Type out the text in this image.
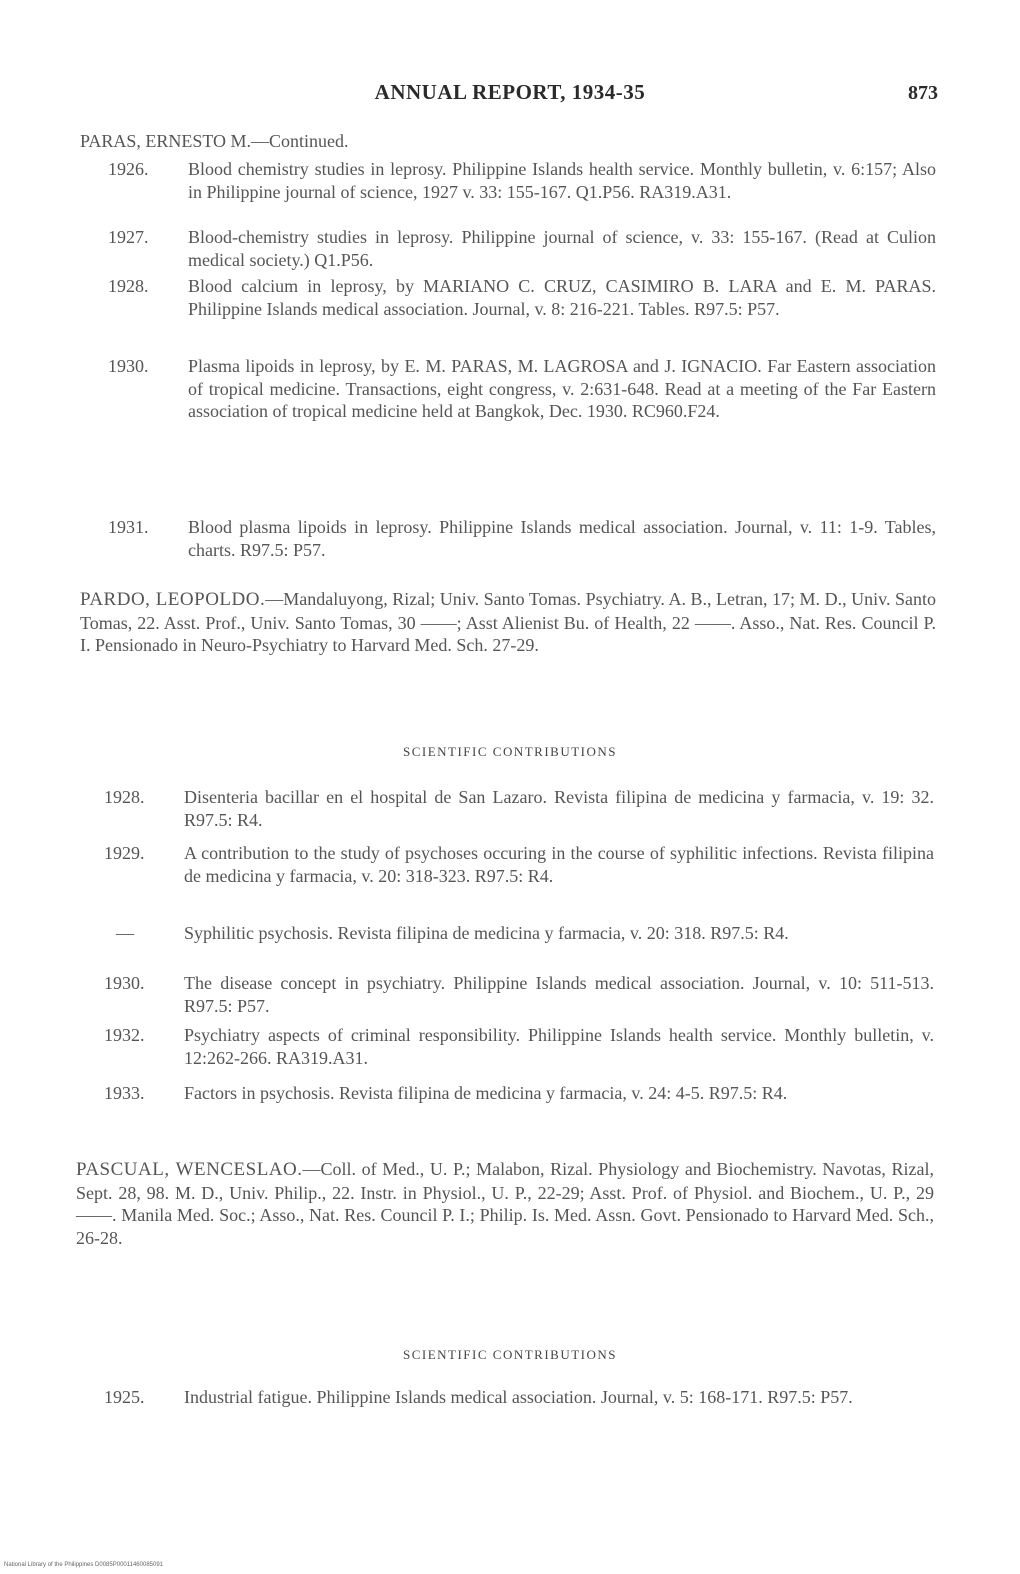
ANNUAL REPORT, 1934-35	873
PARAS, ERNESTO M.—Continued.
1926.	Blood chemistry studies in leprosy. Philippine Islands health service. Monthly bulletin, v. 6:157; Also in Philippine journal of science, 1927 v. 33: 155-167. Q1.P56. RA319.A31.
1927.	Blood-chemistry studies in leprosy. Philippine journal of science, v. 33: 155-167. (Read at Culion medical society.) Q1.P56.
1928.	Blood calcium in leprosy, by MARIANO C. CRUZ, CASIMIRO B. LARA and E. M. PARAS. Philippine Islands medical association. Journal, v. 8: 216-221. Tables. R97.5: P57.
1930.	Plasma lipoids in leprosy, by E. M. PARAS, M. LAGROSA and J. IGNACIO. Far Eastern association of tropical medicine. Transactions, eight congress, v. 2:631-648. Read at a meeting of the Far Eastern association of tropical medicine held at Bangkok, Dec. 1930. RC960.F24.
1931.	Blood plasma lipoids in leprosy. Philippine Islands medical association. Journal, v. 11: 1-9. Tables, charts. R97.5: P57.
PARDO, LEOPOLDO.—Mandaluyong, Rizal; Univ. Santo Tomas. Psychiatry. A. B., Letran, 17; M. D., Univ. Santo Tomas, 22. Asst. Prof., Univ. Santo Tomas, 30 ——; Asst Alienist Bu. of Health, 22 ——. Asso., Nat. Res. Council P. I. Pensionado in Neuro-Psychiatry to Harvard Med. Sch. 27-29.
SCIENTIFIC CONTRIBUTIONS
1928.	Disenteria bacillar en el hospital de San Lazaro. Revista filipina de medicina y farmacia, v. 19: 32. R97.5: R4.
1929.	A contribution to the study of psychoses occuring in the course of syphilitic infections. Revista filipina de medicina y farmacia, v. 20: 318-323. R97.5: R4.
—	Syphilitic psychosis. Revista filipina de medicina y farmacia, v. 20: 318. R97.5: R4.
1930.	The disease concept in psychiatry. Philippine Islands medical association. Journal, v. 10: 511-513. R97.5: P57.
1932.	Psychiatry aspects of criminal responsibility. Philippine Islands health service. Monthly bulletin, v. 12:262-266. RA319.A31.
1933.	Factors in psychosis. Revista filipina de medicina y farmacia, v. 24: 4-5. R97.5: R4.
PASCUAL, WENCESLAO.—Coll. of Med., U. P.; Malabon, Rizal. Physiology and Biochemistry. Navotas, Rizal, Sept. 28, 98. M. D., Univ. Philip., 22. Instr. in Physiol., U. P., 22-29; Asst. Prof. of Physiol. and Biochem., U. P., 29 ——. Manila Med. Soc.; Asso., Nat. Res. Council P. I.; Philip. Is. Med. Assn. Govt. Pensionado to Harvard Med. Sch., 26-28.
SCIENTIFIC CONTRIBUTIONS
1925.	Industrial fatigue. Philippine Islands medical association. Journal, v. 5: 168-171. R97.5: P57.
National Library of the Philippines D0085P00011460085091
